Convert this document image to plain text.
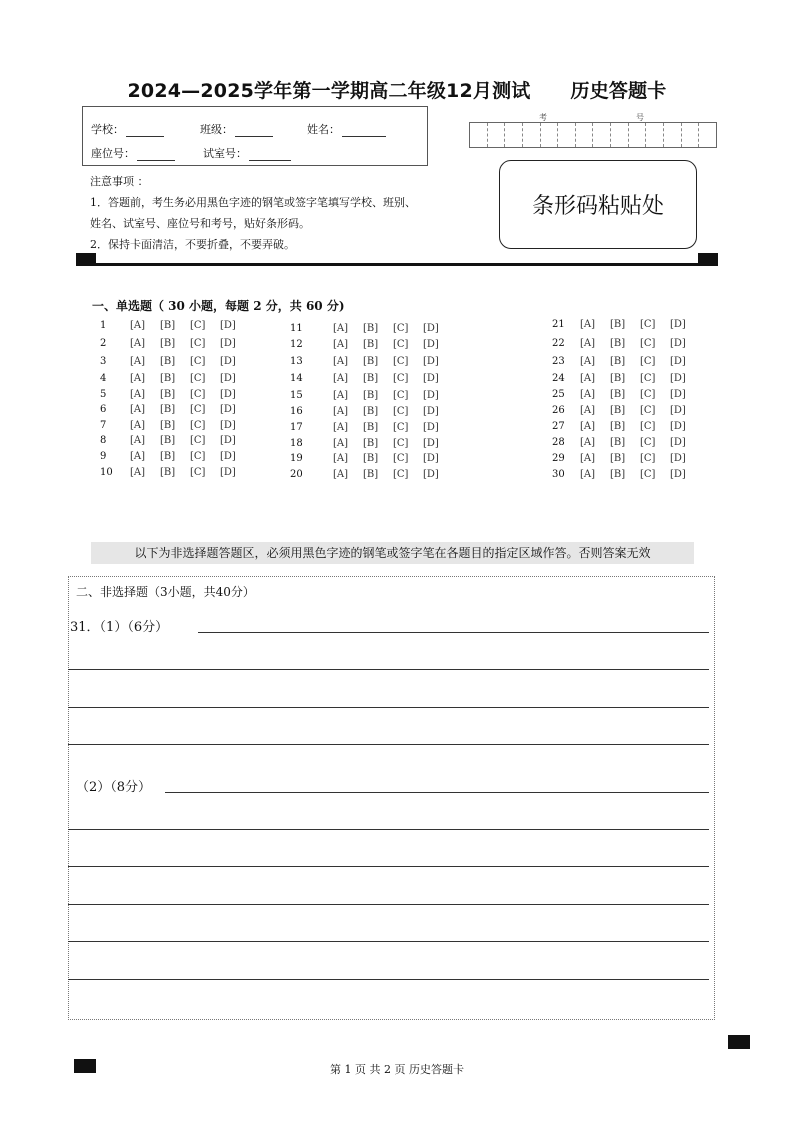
2024—2025学年第一学期高二年级12月测试 历史答题卡
学校：	班级：	姓名：
座位号：	试室号：
考	号
注意事项 ：
1．答题前，考生务必用黑色字迹的钢笔或签字笔填写学校、班别、
姓名、试室号、座位号和考号，贴好条形码。
2．保持卡面清洁，不要折叠，不要弄破。
条形码粘贴处
一、单选题（ 30 小题，每题 2 分，共 60 分)
1 [A]	[B]	[C]	[D]
2 [A]	[B]	[C]	[D]
3 [A]	[B]	[C]	[D]
4 [A]	[B]	[C]	[D]
5 [A]	[B]	[C]	[D]
6 [A]	[B]	[C]	[D]
7 [A]	[B]	[C]	[D]
8 [A]	[B]	[C]	[D]
9 [A]	[B]	[C]	[D]
10 [A]	[B]	[C]	[D]
11	[A]	[B]	[C]	[D]
12	[A]	[B]	[C]	[D]
13	[A]	[B]	[C]	[D]
14	[A]	[B]	[C]	[D]
15	[A]	[B]	[C]	[D]
16	[A]	[B]	[C]	[D]
17	[A]	[B]	[C]	[D]
18	[A]	[B]	[C]	[D]
19	[A]	[B]	[C]	[D]
20	[A]	[B]	[C]	[D]
21 [A]	[B]	[C]	[D]
22 [A]	[B]	[C]	[D]
23 [A]	[B]	[C]	[D]
24 [A]	[B]	[C]	[D]
25 [A]	[B]	[C]	[D]
26 [A]	[B]	[C]	[D]
27 [A]	[B]	[C]	[D]
28 [A]	[B]	[C]	[D]
29 [A]	[B]	[C]	[D]
30 [A]	[B]	[C]	[D]
以下为非选择题答题区，必须用黑色字迹的钢笔或签字笔在各题目的指定区域作答。否则答案无效
二、非选择题（3小题，共40分）
31．（1）（6分）
（2）（8分）
第 1 页 共 2 页 历史答题卡
